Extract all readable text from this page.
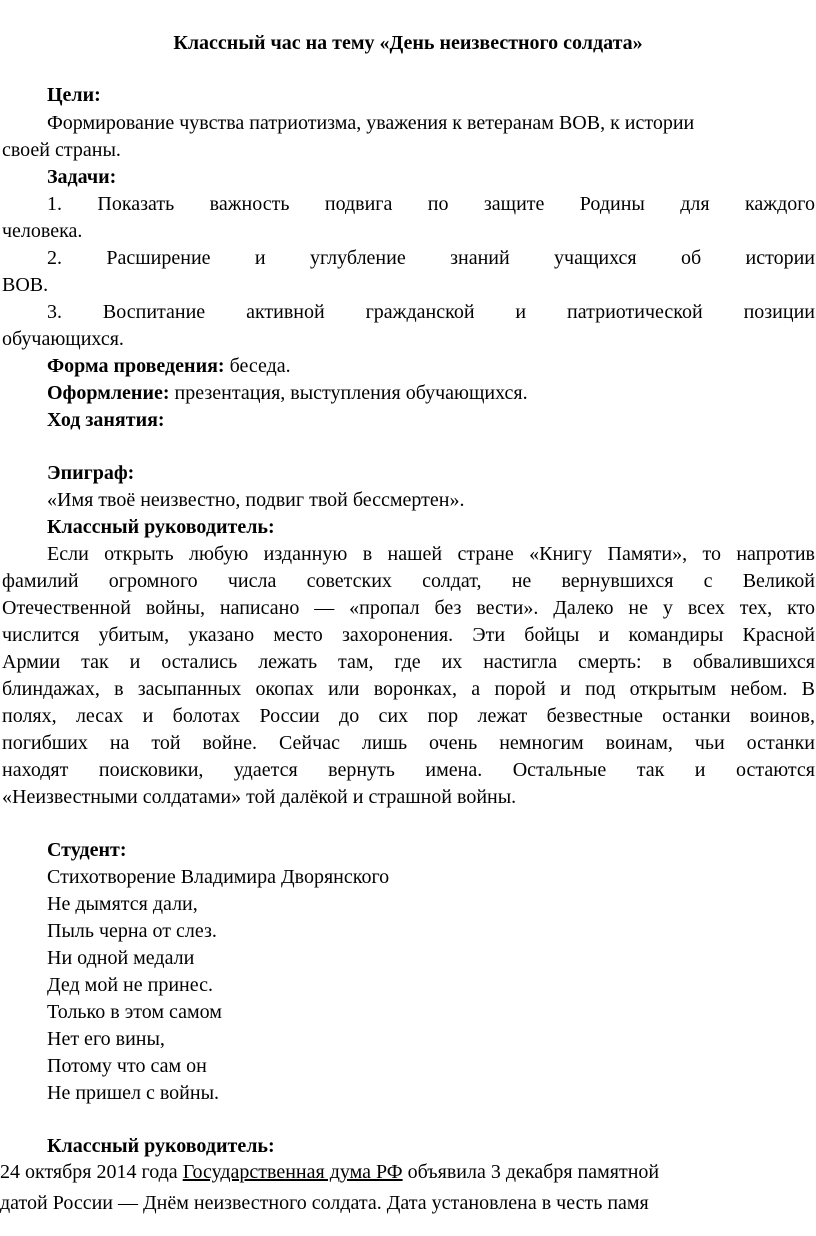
Классный час на тему «День неизвестного солдата»
Цели:
Формирование чувства патриотизма, уважения к ветеранам ВОВ, к истории
своей страны.
Задачи:
1. Показать важность подвига по защите Родины для каждого
человека.
2. Расширение и углубление знаний учащихся об истории
ВОВ.
3. Воспитание активной гражданской и патриотической позиции
обучающихся.
Форма проведения: беседа.
Оформление: презентация, выступления обучающихся.
Ход занятия:
Эпиграф:
«Имя твоё неизвестно, подвиг твой бессмертен».
Классный руководитель:
Если открыть любую изданную в нашей стране «Книгу Памяти», то напротив
фамилий огромного числа советских солдат, не вернувшихся с Великой
Отечественной войны, написано — «пропал без вести». Далеко не у всех тех, кто
числится убитым, указано место захоронения. Эти бойцы и командиры Красной
Армии так и остались лежать там, где их настигла смерть: в обвалившихся
блиндажах, в засыпанных окопах или воронках, а порой и под открытым небом. В
полях, лесах и болотах России до сих пор лежат безвестные останки воинов,
погибших на той войне. Сейчас лишь очень немногим воинам, чьи останки
находят поисковики, удается вернуть имена. Остальные так и остаются
«Неизвестными солдатами» той далёкой и страшной войны.
Студент:
Стихотворение Владимира Дворянского
Не дымятся дали,
Пыль черна от слез.
Ни одной медали
Дед мой не принес.
Только в этом самом
Нет его вины,
Потому что сам он
Не пришел с войны.
Классный руководитель:
24 октября 2014 года Государственная дума РФ объявила 3 декабря памятной
датой России — Днём неизвестного солдата. Дата установлена в честь памя
